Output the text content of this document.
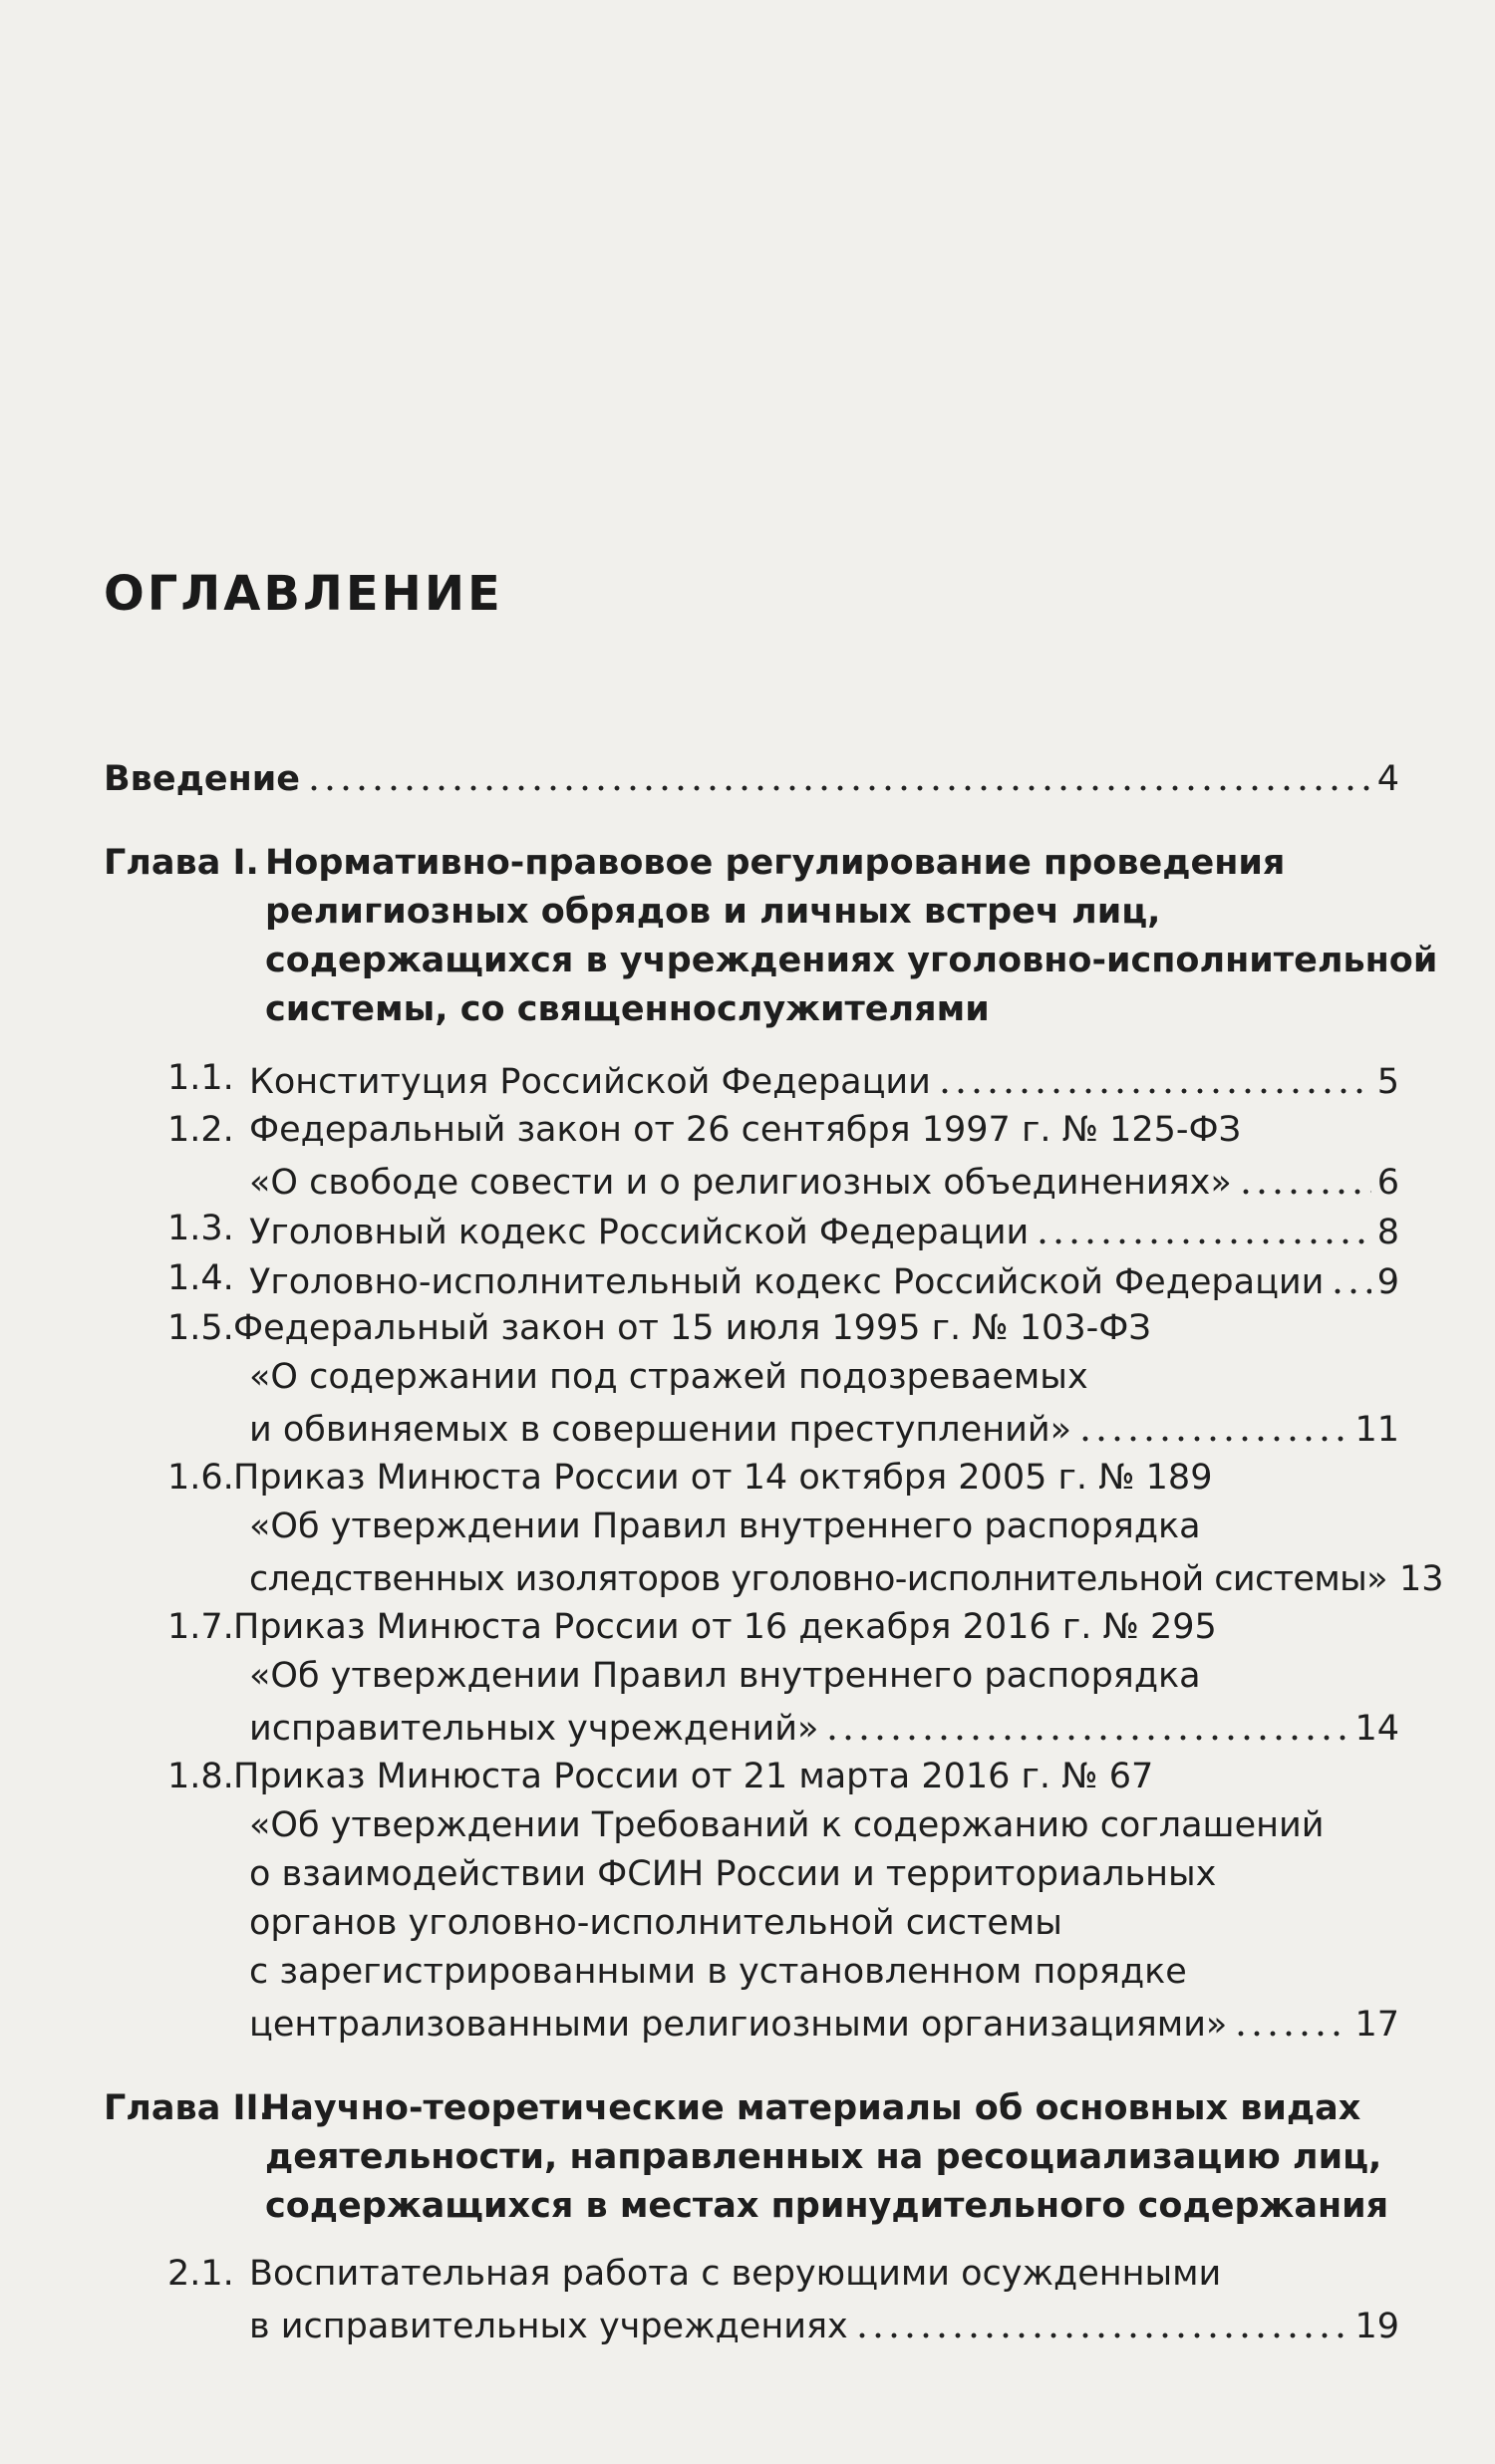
ОГЛАВЛЕНИЕ
Введение	4
Глава I. Нормативно-правовое регулирование проведения
религиозных обрядов и личных встреч лиц,
содержащихся в учреждениях уголовно-исполнительной
системы, со священнослужителями
1.1. Конституция Российской Федерации	5
1.2. Федеральный закон от 26 сентября 1997 г. № 125-ФЗ
«О свободе совести и о религиозных объединениях»	6
1.3. Уголовный кодекс Российской Федерации	8
1.4. Уголовно-исполнительный кодекс Российской Федерации 9
1.5. Федеральный закон от 15 июля 1995 г. № 103-ФЗ
«О содержании под стражей подозреваемых
и обвиняемых в совершении преступлений»	11
1.6. Приказ Минюста России от 14 октября 2005 г. № 189
«Об утверждении Правил внутреннего распорядка
следственных изоляторов уголовно-исполнительной системы» 13
1.7. Приказ Минюста России от 16 декабря 2016 г. № 295
«Об утверждении Правил внутреннего распорядка
исправительных учреждений»	14
1.8. Приказ Минюста России от 21 марта 2016 г. № 67
«Об утверждении Требований к содержанию соглашений
о взаимодействии ФСИН России и территориальных
органов уголовно-исполнительной системы
с зарегистрированными в установленном порядке
централизованными религиозными организациями»	17
Глава II.
Научно-теоретические материалы об основных видах
деятельности, направленных на ресоциализацию лиц,
содержащихся в местах принудительного содержания
2.1. Воспитательная работа с верующими осужденными
в исправительных учреждениях	19
